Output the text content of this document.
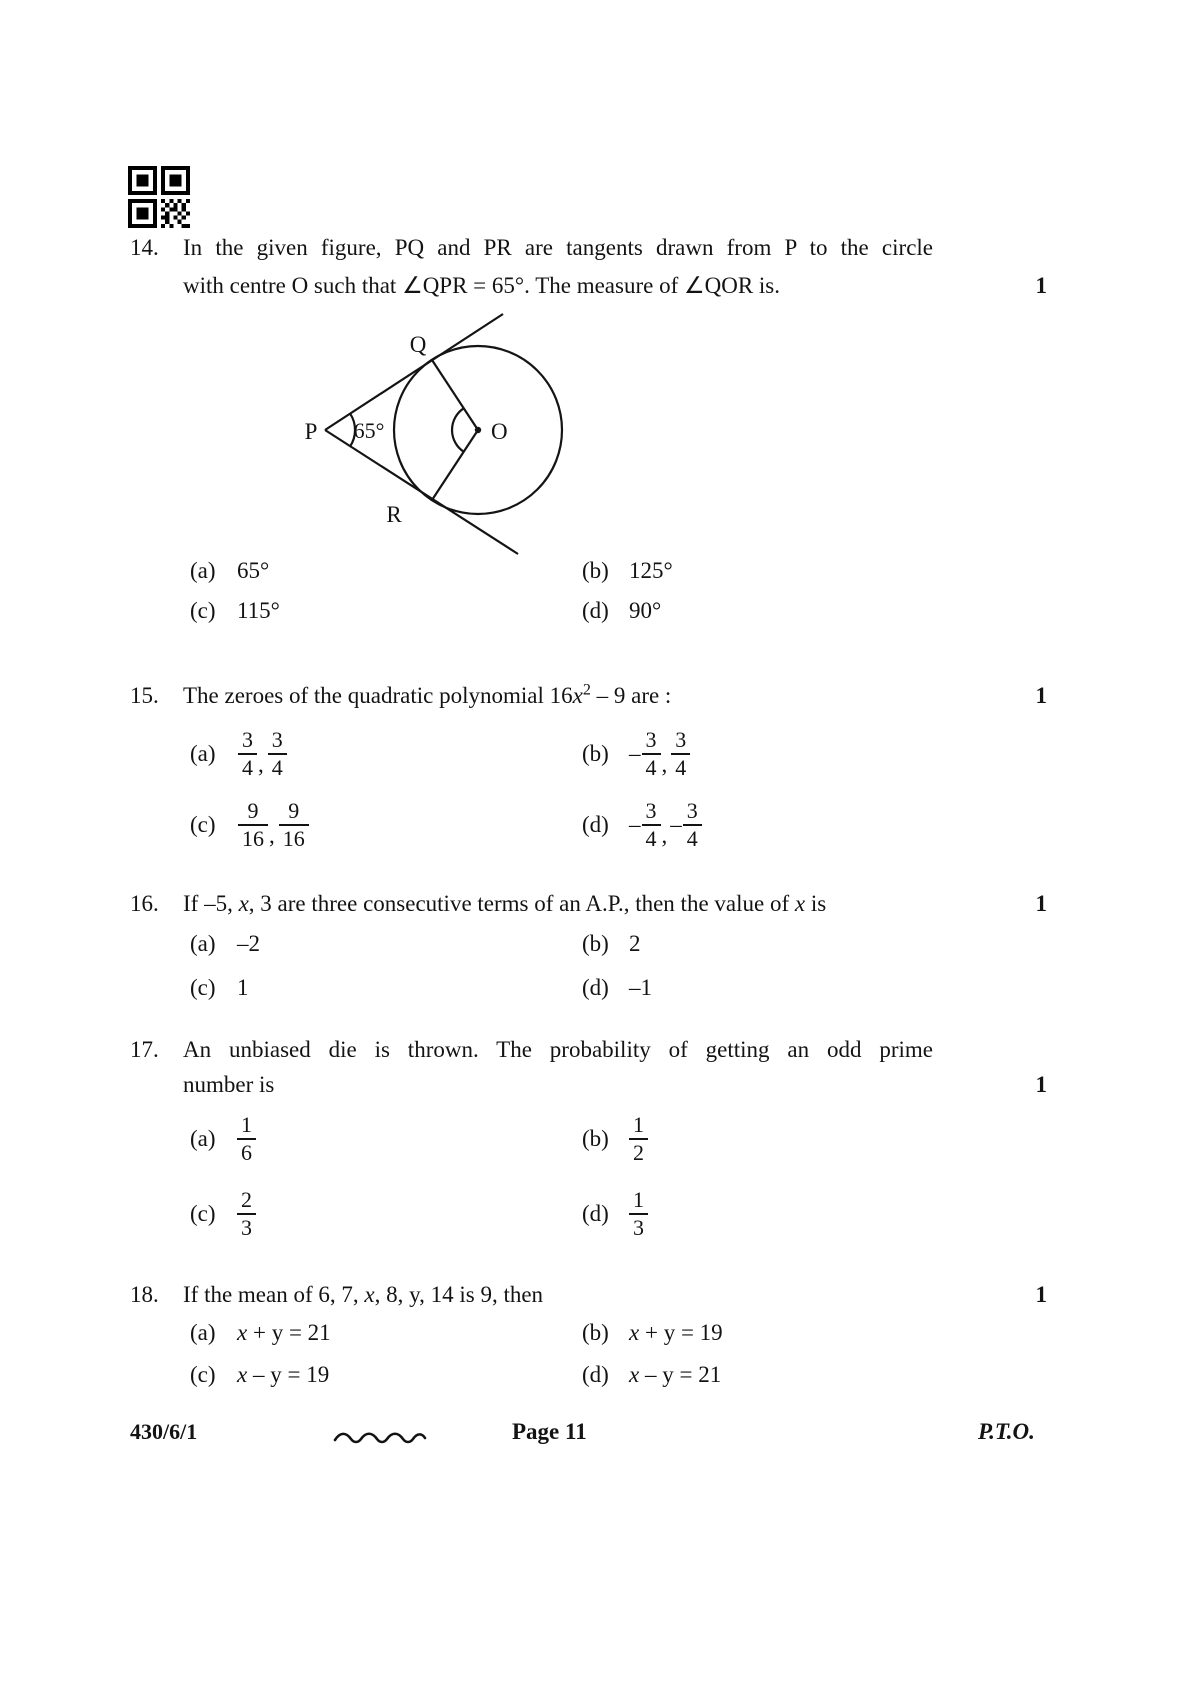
14. In the given figure, PQ and PR are tangents drawn from P to the circle
with centre O such that ∠QPR = 65°. The measure of ∠QOR is.	1
P
Q
R
O
65°
(a) 65°	(b) 125°
(c) 115°	(d) 90°
15. The zeroes of the quadratic polynomial $16x^2 - 9$ are :	1
(a)	$\frac{3}{4}$ , $\frac{3}{4}$	$(b) - \frac{3}{4}$ , $\frac{3}{4}$
(c)	$\frac{9}{16}$ , $\frac{9}{16}$	$(d) - \frac{3}{4}$ , – $\frac{3}{4}$
16. If –5, x, 3 are three consecutive terms of an A.P., then the value of x is	1
(a) –2	(b) 2
(c) 1	(d) –1
17. An unbiased die is thrown. The probability of getting an odd prime
number is	1
$(a) \frac{1}{6}$	$(b) \frac{1}{2}$
$(c) \frac{2}{3}$	$(d) \frac{1}{3}$
18. If the mean of 6, 7, x, 8, y, 14 is 9, then	1
(a) x + y = 21	(b) x + y = 19
(c) x – y = 19	(d) x – y = 21
430/6/1	Page 11	P.T.O.
